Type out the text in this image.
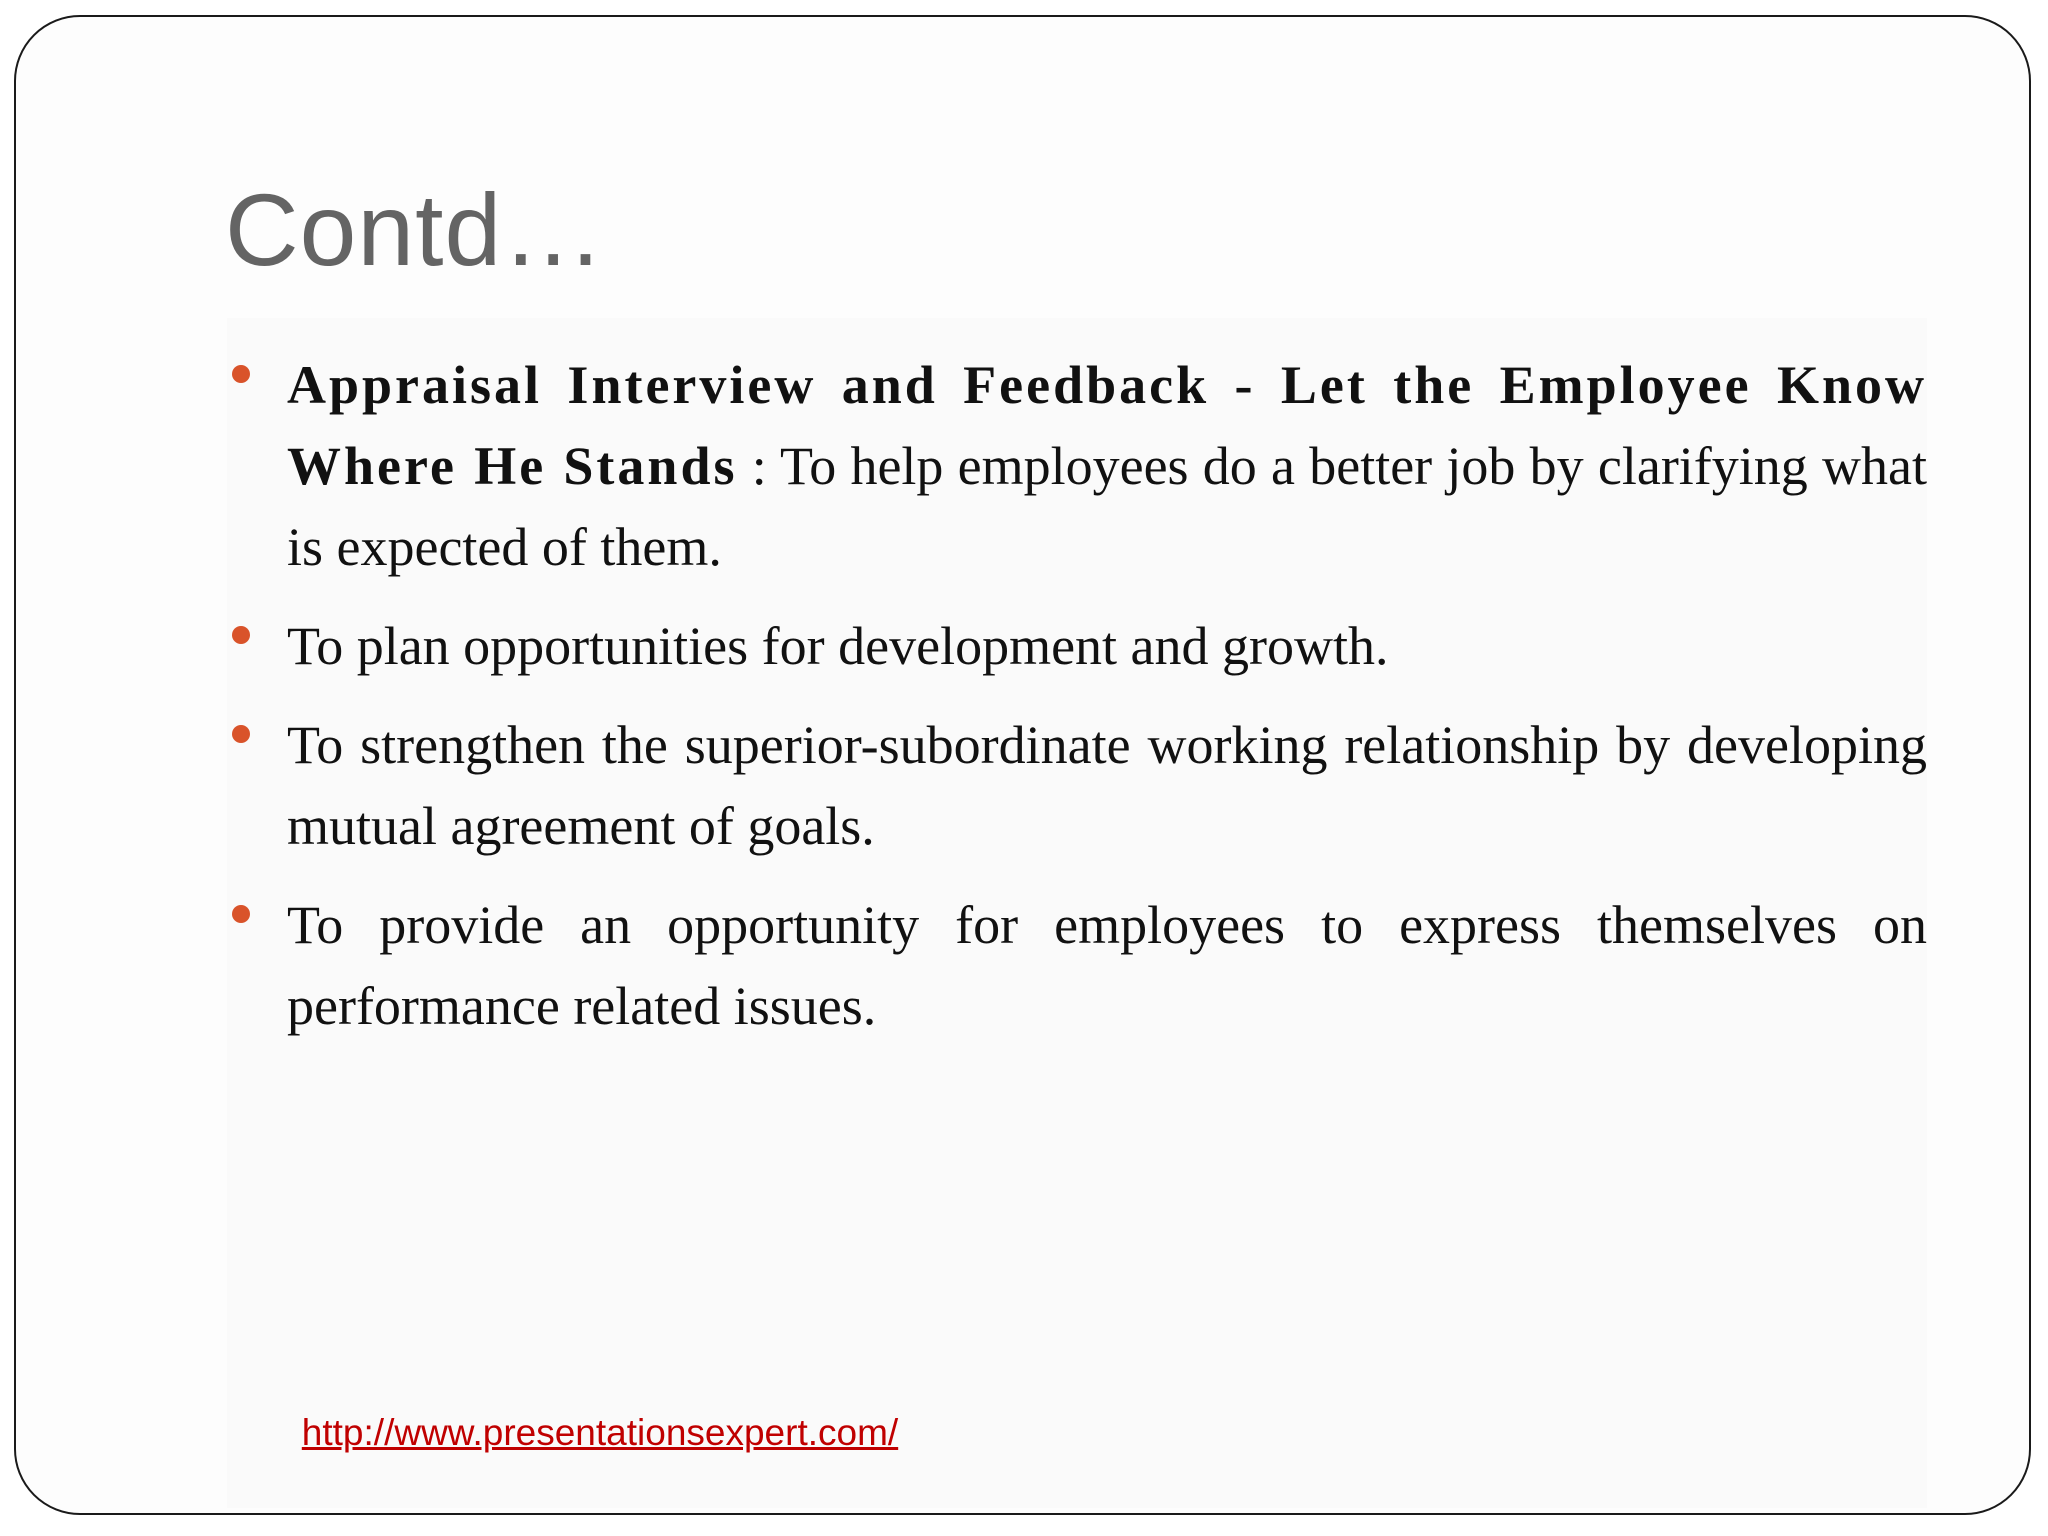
Contd…
Appraisal Interview and Feedback - Let the Employee Know Where He Stands : To help employees do a better job by clarifying what is expected of them.
To plan opportunities for development and growth.
To strengthen the superior-subordinate working relationship by developing mutual agreement of goals.
To provide an opportunity for employees to express themselves on performance related issues.
http://www.presentationsexpert.com/
